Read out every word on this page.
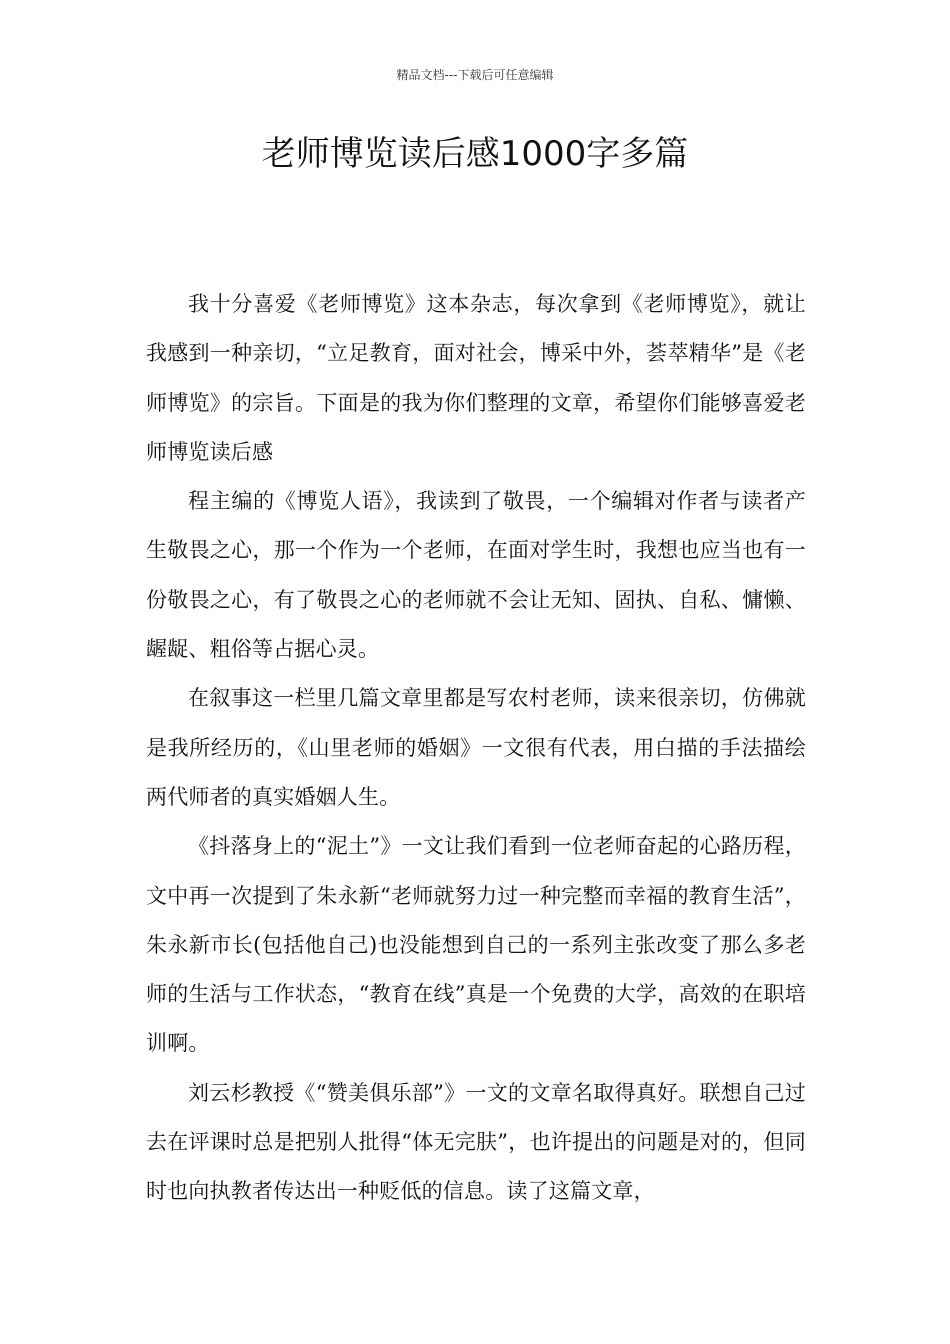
精品文档---下载后可任意编辑
老师博览读后感1000字多篇

我十分喜爱《老师博览》这本杂志，每次拿到《老师博览》，就让我感到一种亲切，“立足教育，面对社会，博采中外，荟萃精华”是《老师博览》的宗旨。下面是的我为你们整理的文章，希望你们能够喜爱老师博览读后感

程主编的《博览人语》，我读到了敬畏，一个编辑对作者与读者产生敬畏之心，那一个作为一个老师，在面对学生时，我想也应当也有一份敬畏之心，有了敬畏之心的老师就不会让无知、固执、自私、慵懒、龌龊、粗俗等占据心灵。

在叙事这一栏里几篇文章里都是写农村老师，读来很亲切，仿佛就是我所经历的，《山里老师的婚姻》一文很有代表，用白描的手法描绘两代师者的真实婚姻人生。

《抖落身上的“泥土”》一文让我们看到一位老师奋起的心路历程，文中再一次提到了朱永新“老师就努力过一种完整而幸福的教育生活”，朱永新市长(包括他自己)也没能想到自己的一系列主张改变了那么多老师的生活与工作状态，“教育在线”真是一个免费的大学，高效的在职培训啊。

刘云杉教授《“赞美俱乐部”》一文的文章名取得真好。联想自己过去在评课时总是把别人批得“体无完肤”，也许提出的问题是对的，但同时也向执教者传达出一种贬低的信息。读了这篇文章，
